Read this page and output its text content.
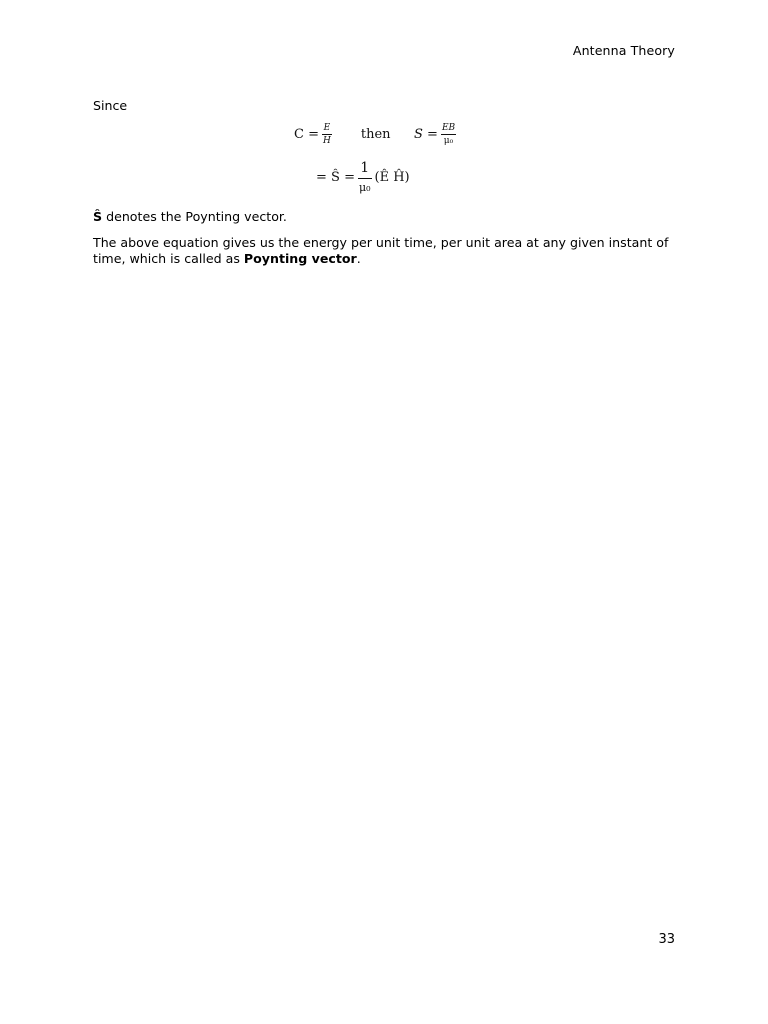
Antenna Theory
Since
$C = \frac{E}{H}$ then $S = \frac{EB}{\text{μ₀}}$
= Ŝ = $\frac{1}{\text{μ₀}}$ (Ê Ĥ)
Ŝ denotes the Poynting vector.
The above equation gives us the energy per unit time, per unit area at any given instant of time, which is called as Poynting vector.
33
